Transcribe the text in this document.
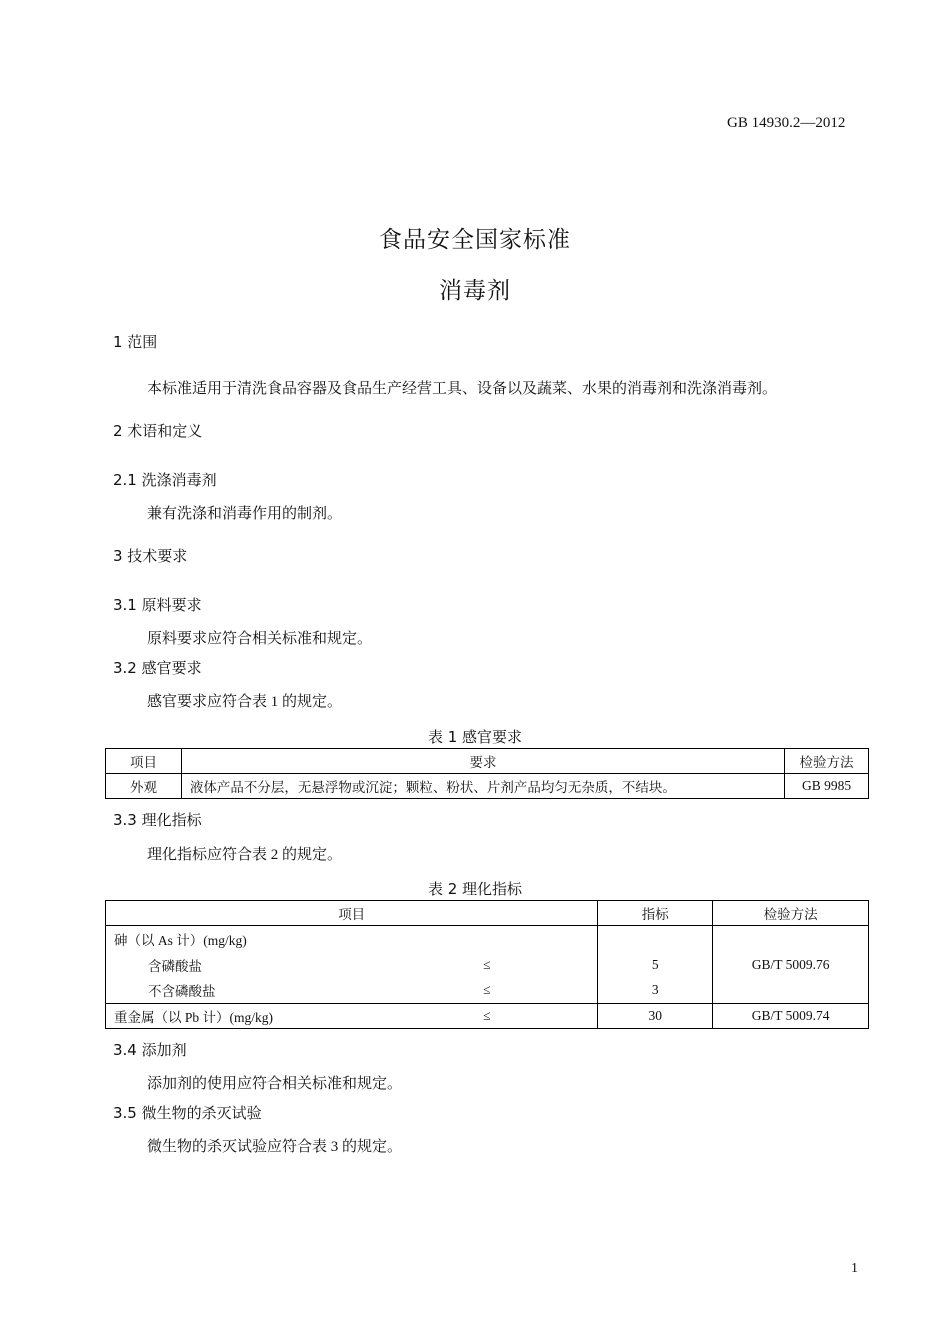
GB 14930.2—2012
食品安全国家标准
消毒剂
1 范围
本标准适用于清洗食品容器及食品生产经营工具、设备以及蔬菜、水果的消毒剂和洗涤消毒剂。
2 术语和定义
2.1 洗涤消毒剂
兼有洗涤和消毒作用的制剂。
3 技术要求
3.1 原料要求
原料要求应符合相关标准和规定。
3.2 感官要求
感官要求应符合表 1 的规定。
表 1 感官要求
项目	要求	检验方法
外观	液体产品不分层，无悬浮物或沉淀；颗粒、粉状、片剂产品均匀无杂质，不结块。	GB 9985
3.3 理化指标
理化指标应符合表 2 的规定。
表 2 理化指标
项目		指标	检验方法
砷（以 As 计）(mg/kg)			GB/T 5009.76
含磷酸盐	≤	5	
不含磷酸盐	≤	3	
重金属（以 Pb 计）(mg/kg)	≤	30	GB/T 5009.74
3.4 添加剂
添加剂的使用应符合相关标准和规定。
3.5 微生物的杀灭试验
微生物的杀灭试验应符合表 3 的规定。
1
